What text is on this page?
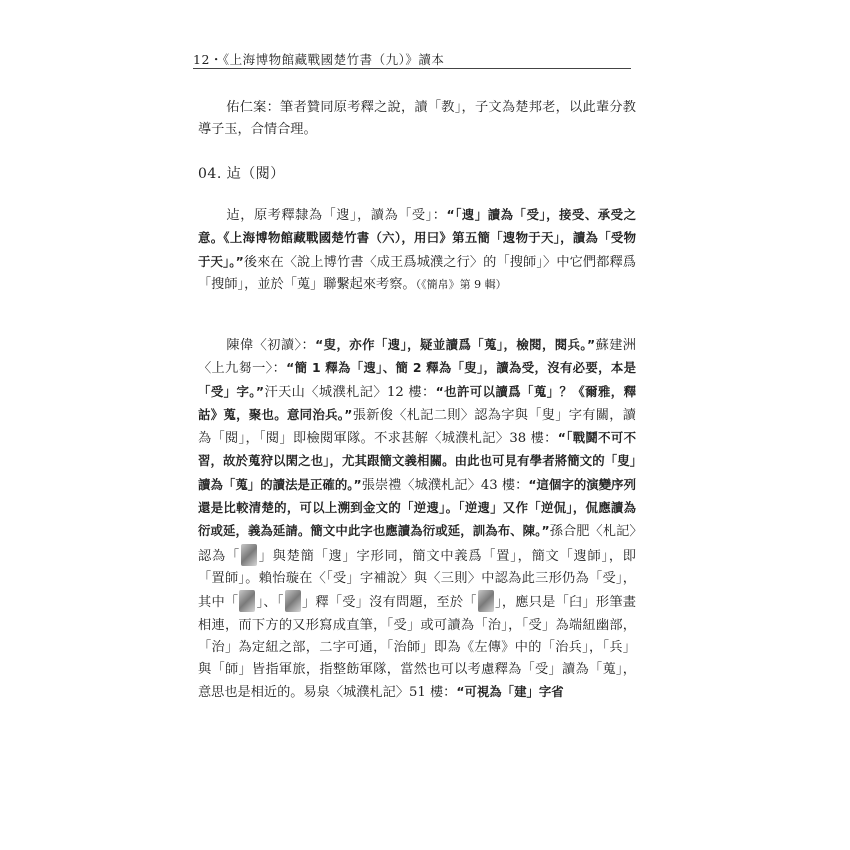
12・《上海博物館藏戰國楚竹書（九）》讀本
佑仁案：筆者贊同原考釋之說，讀「教」，子文為楚邦老，以此輩分教導子玉，合情合理。
04. 迠（閱）
迠，原考釋隸為「遚」，讀為「受」：“「遚」讀為「受」，接受、承受之意。《上海博物館藏戰國楚竹書（六），用曰》第五簡「遚物于天」，讀為「受物于天」。”後來在〈說上博竹書〈成王爲城濮之行〉的「搜師」〉中它們都釋爲「搜師」，並於「蒐」聯繫起來考察。（《簡帛》第 9 輯）
陳偉〈初讀〉：“叟，亦作「遚」，疑並讀爲「蒐」，檢閱，閱兵。”蘇建洲〈上九芻一〉：“簡 1 釋為「遚」、簡 2 釋為「叟」，讀為受，沒有必要，本是「受」字。”汗天山〈城濮札記〉12 樓：“也許可以讀爲「蒐」？《爾雅，釋詁》蒐，聚也。意同治兵。”張新俊〈札記二則〉認為字與「叟」字有關，讀為「閱」，「閱」即檢閱軍隊。不求甚解〈城濮札記〉38 樓：“「戰鬪不可不習，故於蒐狩以閑之也」，尤其跟簡文義相關。由此也可見有學者將簡文的「叟」讀為「蒐」的讀法是正確的。”張崇禮〈城濮札記〉43 樓：“這個字的演變序列還是比較清楚的，可以上溯到金文的「逆遚」。「逆遚」又作「逆侃」，侃應讀為衍或延，義為延請。簡文中此字也應讀為衍或延，訓為布、陳。”孫合肥〈札記〉認為「 」與楚簡「遚」字形同，簡文中義爲「置」，簡文「遚師」，即「置師」。賴怡璇在〈「受」字補說〉與〈三則〉中認為此三形仍為「受」，其中「 」、「 」釋「受」沒有問題，至於「 」，應只是「臼」形筆畫相連，而下方的又形寫成直筆，「受」或可讀為「治」，「受」為端紐幽部，「治」為定紐之部，二字可通，「治師」即為《左傳》中的「治兵」，「兵」與「師」皆指軍旅，指整飭軍隊，當然也可以考慮釋為「受」讀為「蒐」，意思也是相近的。易泉〈城濮札記〉51 樓：“可視為「建」字省
